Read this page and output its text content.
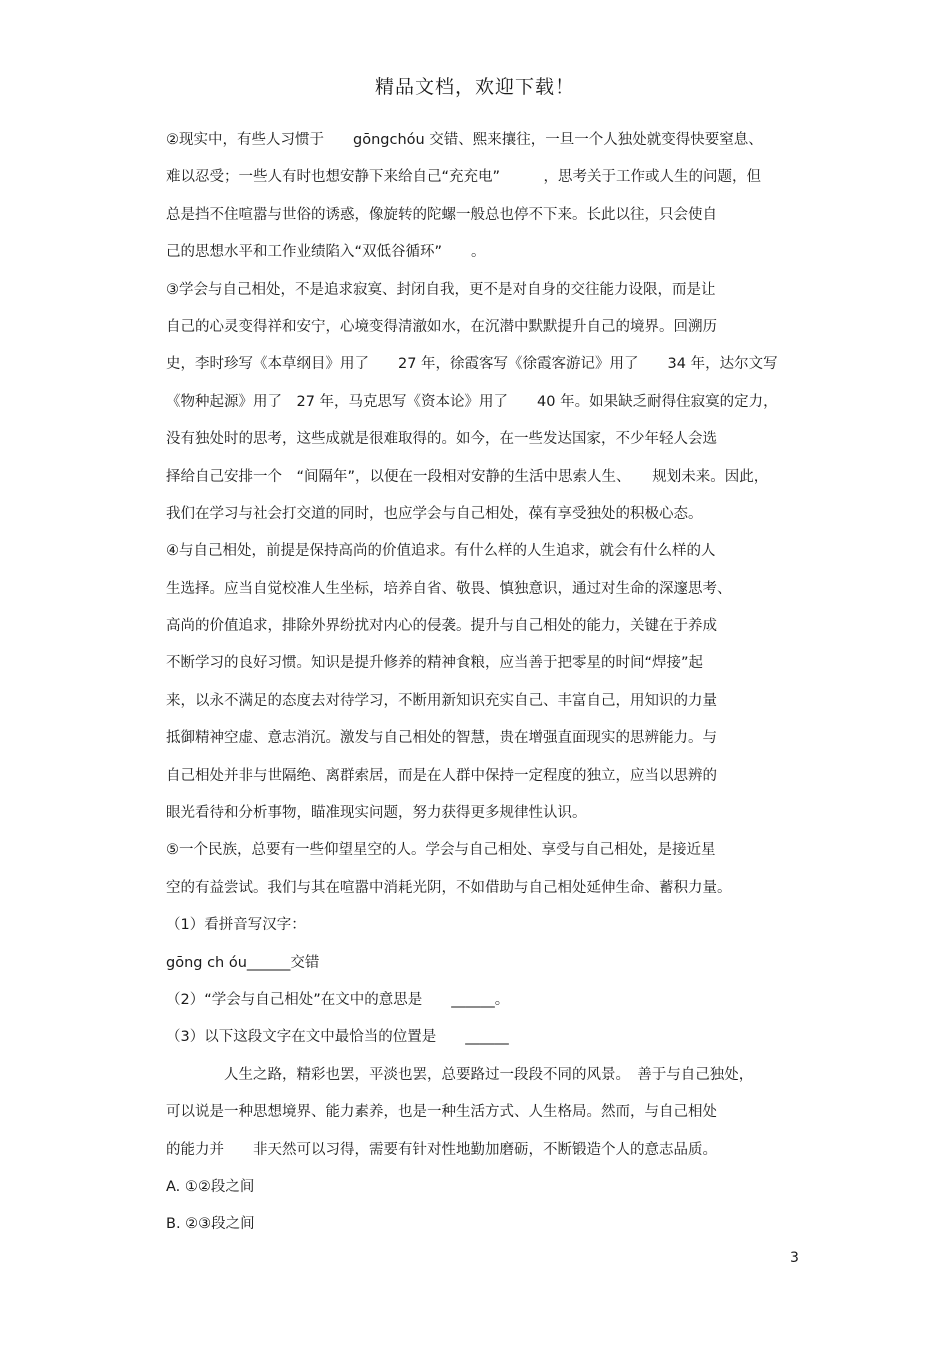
精品文档，欢迎下载！
②现实中，有些人习惯于　　gōngchóu 交错、熙来攘往，一旦一个人独处就变得快要窒息、
难以忍受；一些人有时也想安静下来给自己“充充电”　　　，思考关于工作或人生的问题，但
总是挡不住喧嚣与世俗的诱惑，像旋转的陀螺一般总也停不下来。长此以往，只会使自
己的思想水平和工作业绩陷入“双低谷循环”　　。
③学会与自己相处，不是追求寂寞、封闭自我，更不是对自身的交往能力设限，而是让
自己的心灵变得祥和安宁，心境变得清澈如水，在沉潜中默默提升自己的境界。回溯历
史，李时珍写《本草纲目》用了　　27 年，徐霞客写《徐霞客游记》用了　　34 年，达尔文写
《物种起源》用了　27 年，马克思写《资本论》用了　　40 年。如果缺乏耐得住寂寞的定力，
没有独处时的思考，这些成就是很难取得的。如今，在一些发达国家，不少年轻人会选
择给自己安排一个　“间隔年”，以便在一段相对安静的生活中思索人生、　　规划未来。因此，
我们在学习与社会打交道的同时，也应学会与自己相处，葆有享受独处的积极心态。
④与自己相处，前提是保持高尚的价值追求。有什么样的人生追求，就会有什么样的人
生选择。应当自觉校准人生坐标，培养自省、敬畏、慎独意识，通过对生命的深邃思考、
高尚的价值追求，排除外界纷扰对内心的侵袭。提升与自己相处的能力，关键在于养成
不断学习的良好习惯。知识是提升修养的精神食粮，应当善于把零星的时间“焊接”起
来，以永不满足的态度去对待学习，不断用新知识充实自己、丰富自己，用知识的力量
抵御精神空虚、意志消沉。激发与自己相处的智慧，贵在增强直面现实的思辨能力。与
自己相处并非与世隔绝、离群索居，而是在人群中保持一定程度的独立，应当以思辨的
眼光看待和分析事物，瞄准现实问题，努力获得更多规律性认识。
⑤一个民族，总要有一些仰望星空的人。学会与自己相处、享受与自己相处，是接近星
空的有益尝试。我们与其在喧嚣中消耗光阴，不如借助与自己相处延伸生命、蓄积力量。
（1）看拼音写汉字：
gōng ch óu______交错
（2）“学会与自己相处”在文中的意思是　　______。
（3）以下这段文字在文中最恰当的位置是　　______
　　　　人生之路，精彩也罢，平淡也罢，总要路过一段段不同的风景。　善于与自己独处，
可以说是一种思想境界、能力素养，也是一种生活方式、人生格局。然而，与自己相处
的能力并　　非天然可以习得，需要有针对性地勤加磨砺，不断锻造个人的意志品质。
A. ①②段之间
B. ②③段之间
3
